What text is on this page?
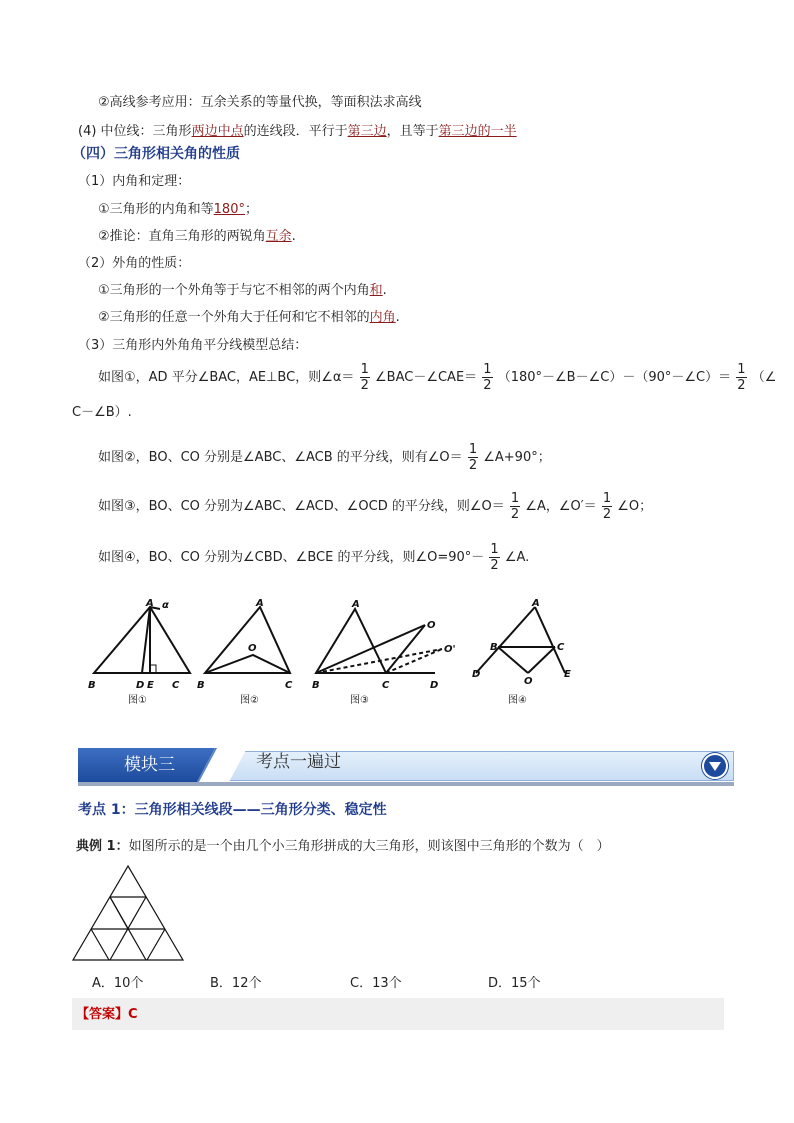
②高线参考应用：互余关系的等量代换，等面积法求高线
(4) 中位线：三角形两边中点的连线段．平行于第三边，且等于第三边的一半
（四）三角形相关角的性质
（1）内角和定理：
①三角形的内角和等180°；
②推论：直角三角形的两锐角互余.
（2）外角的性质：
①三角形的一个外角等于与它不相邻的两个内角和.
②三角形的任意一个外角大于任何和它不相邻的内角.
（3）三角形内外角角平分线模型总结：
如图①，AD 平分∠BAC，AE⊥BC，则∠α＝ $\frac{1}{2}$ ∠BAC－∠CAE＝ $\frac{1}{2}$ （180°－∠B－∠C）－（90°－∠C）＝ $\frac{1}{2}$ （∠
C－∠B）.
如图②，BO、CO 分别是∠ABC、∠ACB 的平分线，则有∠O＝ $\frac{1}{2}$ ∠A+90°；
如图③，BO、CO 分别为∠ABC、∠ACD、∠OCD 的平分线，则∠O＝ $\frac{1}{2}$ ∠A，∠O′＝ $\frac{1}{2}$ ∠O；
如图④，BO、CO 分别为∠CBD、∠BCE 的平分线，则∠O=90°－ $\frac{1}{2}$ ∠A.
A α
B	D E C
A
O
B	C
A
O
O'
B	C	D
A
B	C
D	E
O
图①	图②	图③	图④
模块三	考点一遍过
考点 1：三角形相关线段——三角形分类、稳定性
典例 1：如图所示的是一个由几个小三角形拼成的大三角形，则该图中三角形的个数为（　）
A．10个	B．12个	C．13个	D．15个
【答案】C
